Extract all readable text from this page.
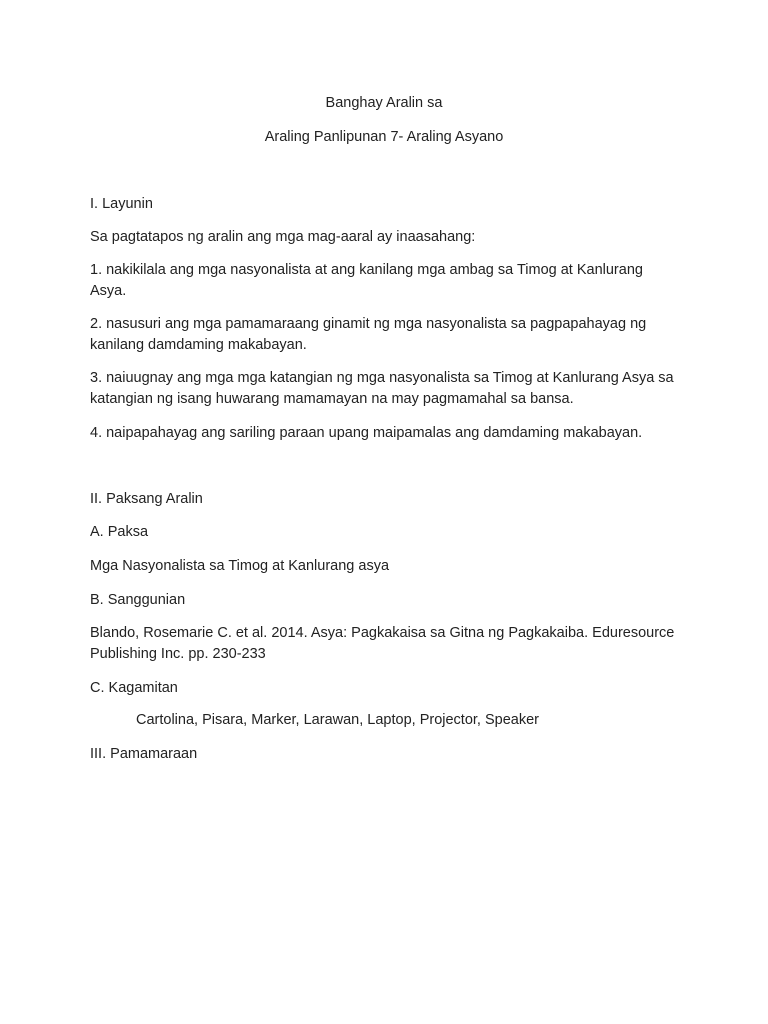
Banghay Aralin sa

Araling Panlipunan 7- Araling Asyano

I. Layunin

Sa pagtatapos ng aralin ang mga mag-aaral ay inaasahang:

1. nakikilala ang mga nasyonalista at ang kanilang mga ambag sa Timog at Kanlurang Asya.

2. nasusuri ang mga pamamaraang ginamit ng mga nasyonalista sa pagpapahayag ng kanilang damdaming makabayan.

3. naiuugnay ang mga mga katangian ng mga nasyonalista sa Timog at Kanlurang Asya sa katangian ng isang huwarang mamamayan na may pagmamahal sa bansa.

4. naipapahayag ang sariling paraan upang maipamalas ang damdaming makabayan.

II. Paksang Aralin

A. Paksa

Mga Nasyonalista sa Timog at Kanlurang asya

B. Sanggunian

Blando, Rosemarie C. et al. 2014. Asya: Pagkakaisa sa Gitna ng Pagkakaiba. Eduresource Publishing Inc. pp. 230-233

C. Kagamitan

Cartolina, Pisara, Marker, Larawan, Laptop, Projector, Speaker

III. Pamamaraan
